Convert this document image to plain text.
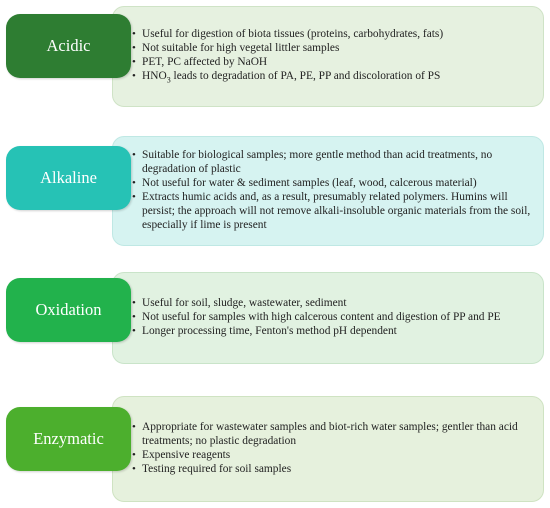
• Useful for digestion of biota tissues (proteins, carbohydrates, fats)
• Not suitable for high vegetal littler samples
• PET, PC affected by NaOH
• $HNO_3$ leads to degradation of PA, PE, PP and discoloration of PS
Acidic
• Suitable for biological samples; more gentle method than acid treatments, no degradation of plastic
• Not useful for water & sediment samples (leaf, wood, calcerous material)
• Extracts humic acids and, as a result, presumably related polymers. Humins will persist; the approach will not remove alkali-insoluble organic materials from the soil, especially if lime is present
Alkaline
• Useful for soil, sludge, wastewater, sediment
• Not useful for samples with high calcerous content and digestion of PP and PE
• Longer processing time, Fenton's method pH dependent
Oxidation
• Appropriate for wastewater samples and biot-rich water samples; gentler than acid treatments; no plastic degradation
• Expensive reagents
• Testing required for soil samples
Enzymatic
